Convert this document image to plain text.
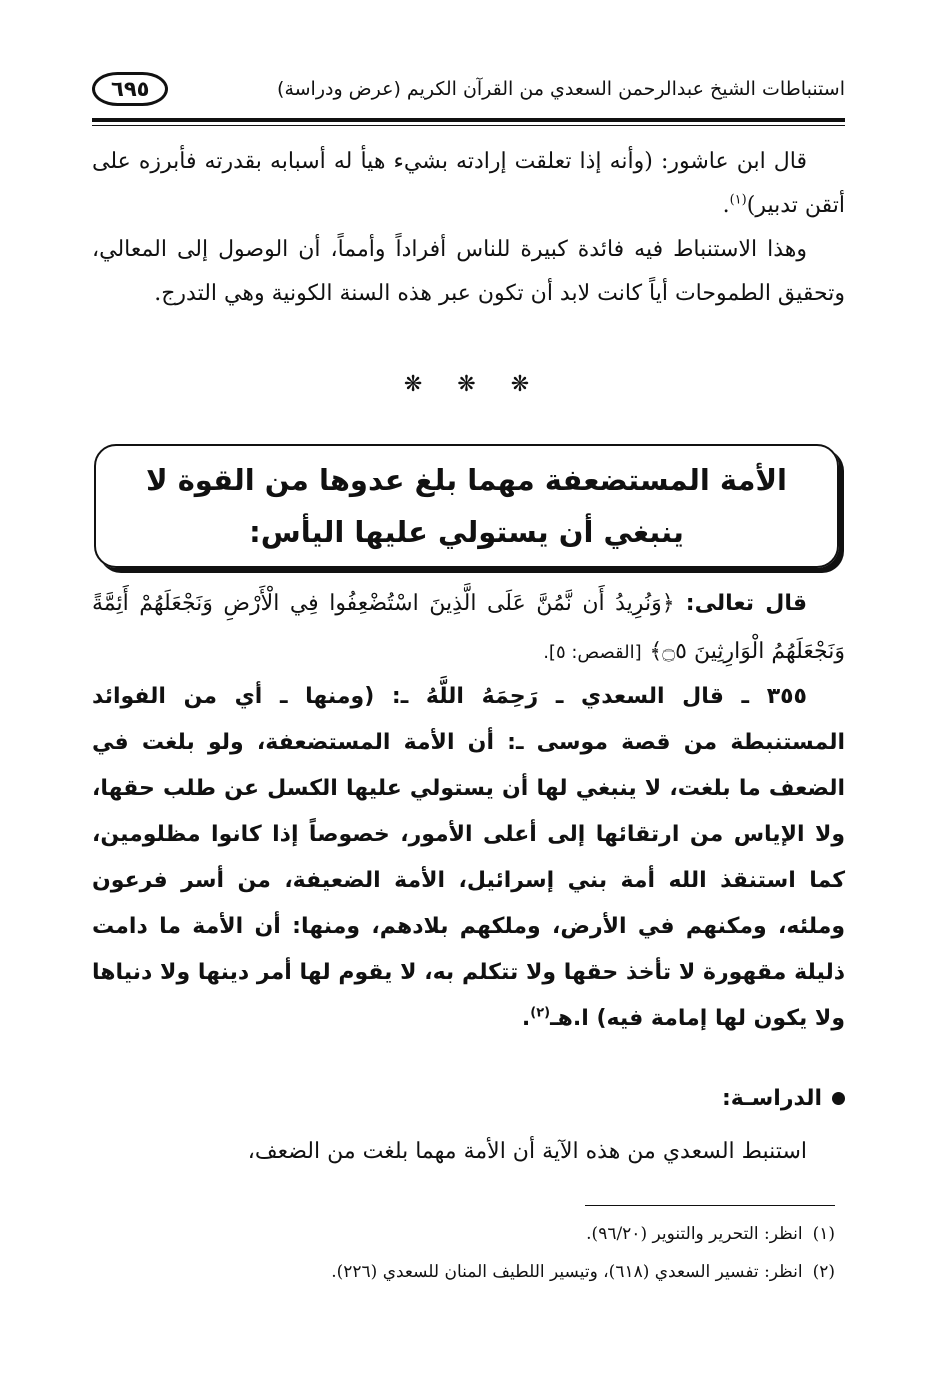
استنباطات الشيخ عبدالرحمن السعدي من القرآن الكريم (عرض ودراسة)
٦٩٥
قال ابن عاشور: (وأنه إذا تعلقت إرادته بشيء هيأ له أسبابه بقدرته فأبرزه على أتقن تدبير)$^{(١)}$.
وهذا الاستنباط فيه فائدة كبيرة للناس أفراداً وأمماً، أن الوصول إلى المعالي، وتحقيق الطموحات أياً كانت لابد أن تكون عبر هذه السنة الكونية وهي التدرج.
❋ ❋ ❋
الأمة المستضعفة مهما بلغ عدوها من القوة لا ينبغي أن يستولي عليها اليأس:
قال تعالى: ﴿وَنُرِيدُ أَن نَّمُنَّ عَلَى الَّذِينَ اسْتُضْعِفُوا فِي الْأَرْضِ وَنَجْعَلَهُمْ أَئِمَّةً وَنَجْعَلَهُمُ الْوَارِثِينَ ۝٥﴾ [القصص: ٥].
٣٥٥ ـ قال السعدي ـ رَحِمَهُ اللَّهُ ـ: (ومنها ـ أي من الفوائد المستنبطة من قصة موسى ـ: أن الأمة المستضعفة، ولو بلغت في الضعف ما بلغت، لا ينبغي لها أن يستولي عليها الكسل عن طلب حقها، ولا الإياس من ارتقائها إلى أعلى الأمور، خصوصاً إذا كانوا مظلومين، كما استنقذ الله أمة بني إسرائيل، الأمة الضعيفة، من أسر فرعون وملئه، ومكنهم في الأرض، وملكهم بلادهم، ومنها: أن الأمة ما دامت ذليلة مقهورة لا تأخذ حقها ولا تتكلم به، لا يقوم لها أمر دينها ولا دنياها ولا يكون لها إمامة فيه) ا.هـ$^{(٢)}$.
الدراسـة:
استنبط السعدي من هذه الآية أن الأمة مهما بلغت من الضعف،
(١)انظر: التحرير والتنوير (٩٦/٢٠).
(٢)انظر: تفسير السعدي (٦١٨)، وتيسير اللطيف المنان للسعدي (٢٢٦).
